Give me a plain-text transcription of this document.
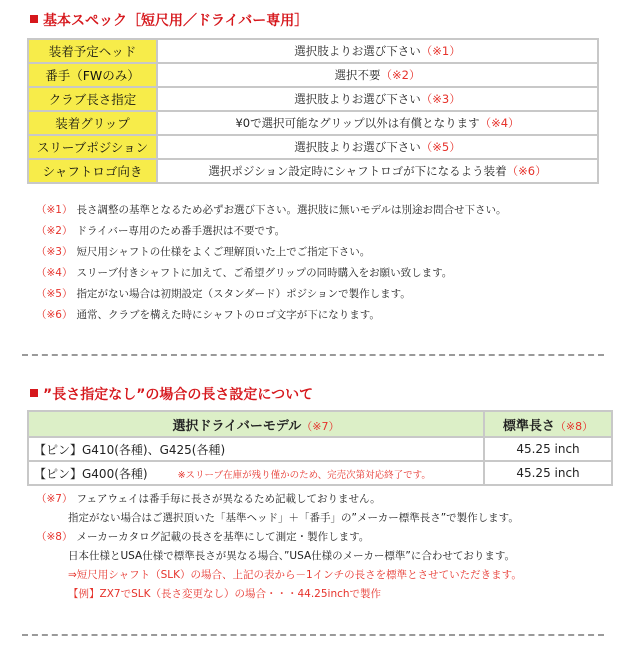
基本スペック［短尺用／ドライバー専用］
装着予定ヘッド	選択肢よりお選び下さい（※1）
番手（FWのみ）	選択不要（※2）
クラブ長さ指定	選択肢よりお選び下さい（※3）
装着グリップ	¥0で選択可能なグリップ以外は有償となります（※4）
スリーブポジション	選択肢よりお選び下さい（※5）
シャフトロゴ向き	選択ポジション設定時にシャフトロゴが下になるよう装着（※6）
（※1） 長さ調整の基準となるため必ずお選び下さい。選択肢に無いモデルは別途お問合せ下さい。
（※2） ドライバー専用のため番手選択は不要です。
（※3） 短尺用シャフトの仕様をよくご理解頂いた上でご指定下さい。
（※4） スリーブ付きシャフトに加えて、ご希望グリップの同時購入をお願い致します。
（※5） 指定がない場合は初期設定（スタンダード）ポジションで製作します。
（※6） 通常、クラブを構えた時にシャフトのロゴ文字が下になります。
”長さ指定なし”の場合の長さ設定について
選択ドライバーモデル（※7）	標準長さ（※8）
【ピン】G410(各種)、G425(各種)	45.25 inch
【ピン】G400(各種) ※スリーブ在庫が残り僅かのため、完売次第対応終了です。	45.25 inch
（※7） フェアウェイは番手毎に長さが異なるため記載しておりません。
指定がない場合はご選択頂いた「基準ヘッド」＋「番手」の”メーカー標準長さ”で製作します。
（※8） メーカーカタログ記載の長さを基準にして測定・製作します。
日本仕様とUSA仕様で標準長さが異なる場合、”USA仕様のメーカー標準”に合わせております。
⇒短尺用シャフト（SLK）の場合、上記の表から－1インチの長さを標準とさせていただきます。
【例】ZX7でSLK（長さ変更なし）の場合・・・44.25inchで製作
